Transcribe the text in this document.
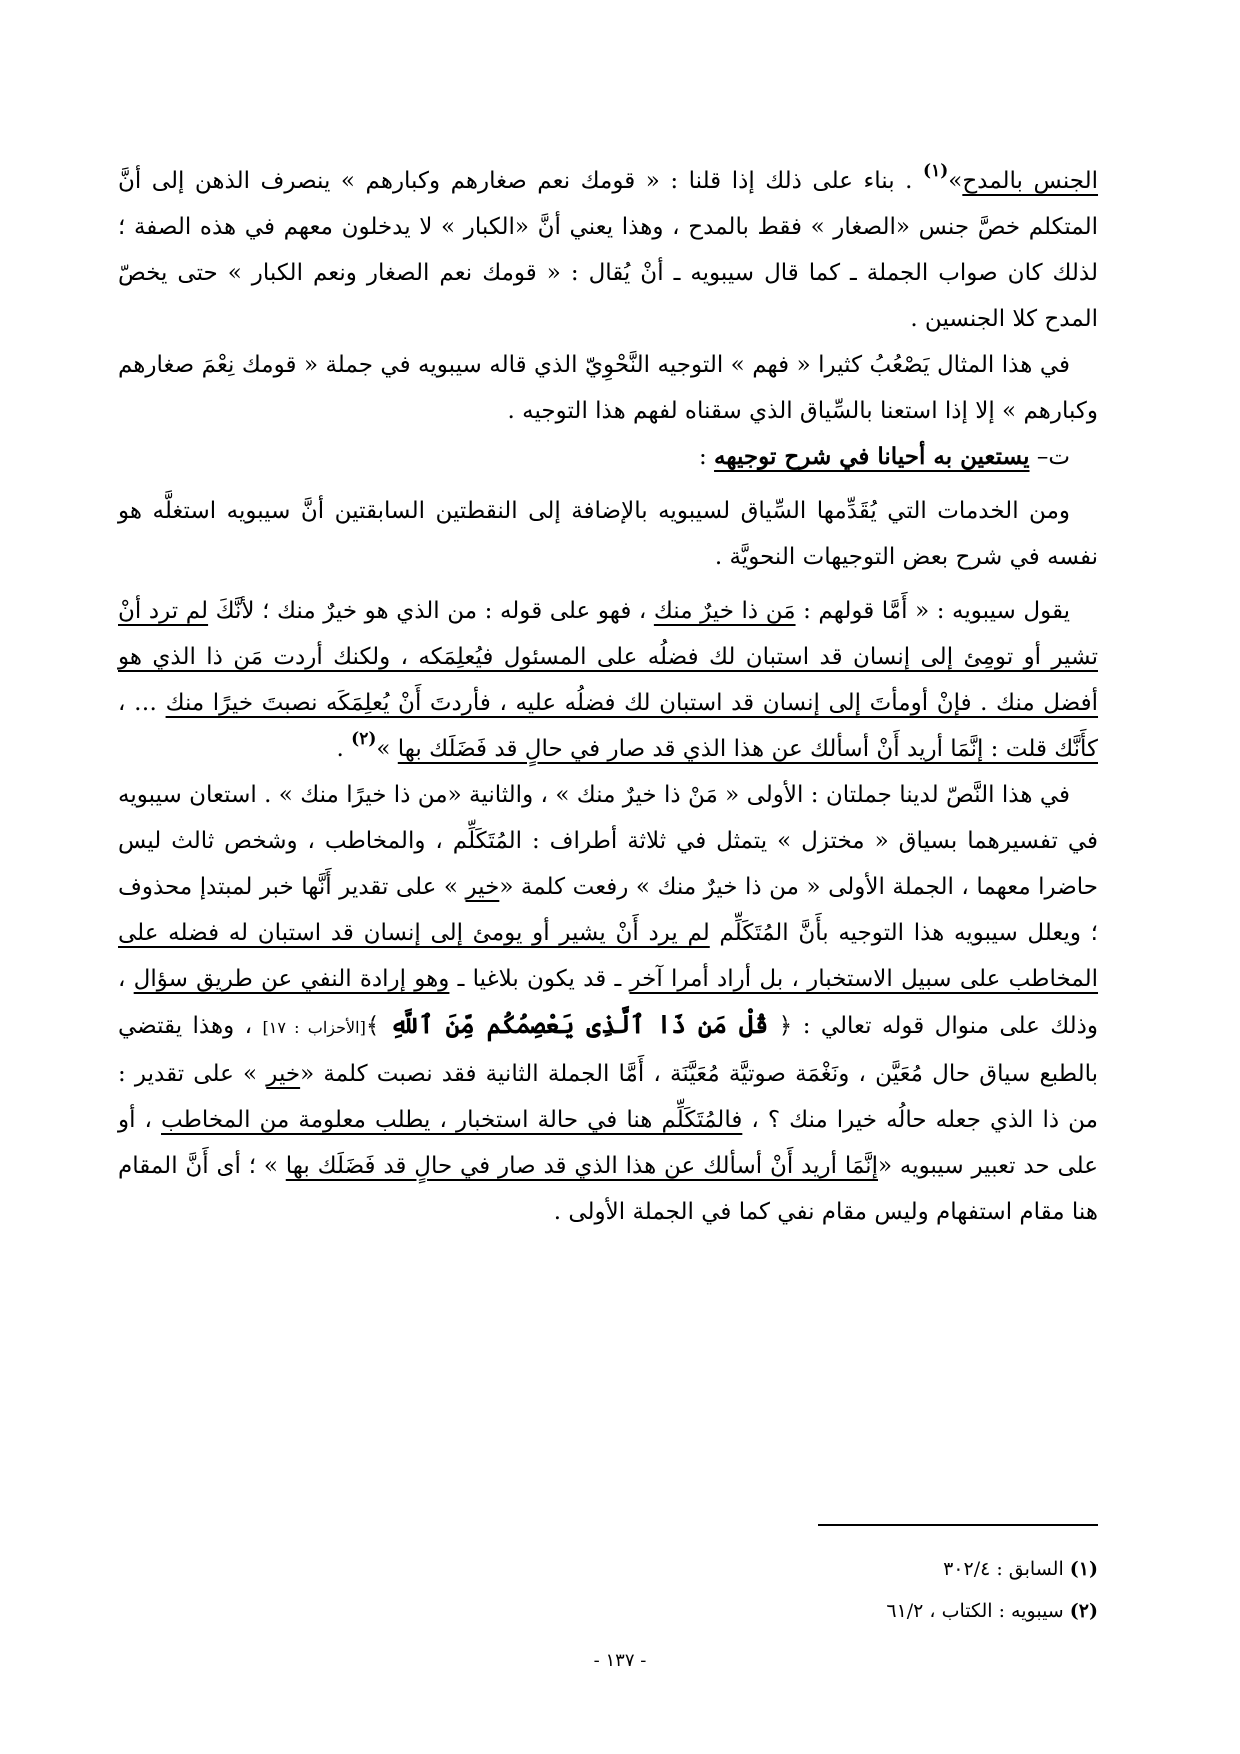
الجنس بالمدح»$^{(١)}$ . بناء على ذلك إذا قلنا : « قومك نعم صغارهم وكبارهم » ينصرف الذهن إلى أنَّ المتكلم خصَّ جنس «الصغار » فقط بالمدح ، وهذا يعني أنَّ «الكبار » لا يدخلون معهم في هذه الصفة ؛ لذلك كان صواب الجملة ـ كما قال سيبويه ـ أنْ يُقال : « قومك نعم الصغار ونعم الكبار » حتى يخصّ المدح كلا الجنسين .

في هذا المثال يَصْعُبُ كثيرا « فهم » التوجيه النَّحْوِيّ الذي قاله سيبويه في جملة « قومك نِعْمَ صغارهم وكبارهم » إلا إذا استعنا بالسِّياق الذي سقناه لفهم هذا التوجيه .

ت– يستعين به أحيانا في شرح توجيهه :

ومن الخدمات التي يُقَدِّمها السِّياق لسيبويه بالإضافة إلى النقطتين السابقتين أنَّ سيبويه استغلَّه هو نفسه في شرح بعض التوجيهات النحويَّة .

يقول سيبويه : « أَمَّا قولهم : مَن ذا خيرٌ منك ، فهو على قوله : من الذي هو خيرٌ منك ؛ لأنَّكَ لم ترد أنْ تشير أو تومِئ إلى إنسان قد استبان لك فضلُه على المسئول فيُعلِمَكه ، ولكنك أردت مَن ذا الذي هو أفضل منك . فإنْ أومأتَ إلى إنسان قد استبان لك فضلُه عليه ، فأردتَ أَنْ يُعلِمَكَه نصبتَ خيرًا منك … ، كأَنَّك قلت : إنَّمَا أريد أَنْ أسألك عن هذا الذي قد صار في حالٍ قد فَضَلَك بها »$^{(٢)}$ .

في هذا النَّصّ لدينا جملتان : الأولى « مَنْ ذا خيرٌ منك » ، والثانية «من ذا خيرًا منك » . استعان سيبويه في تفسيرهما بسياق « مختزل » يتمثل في ثلاثة أطراف : المُتَكَلِّم ، والمخاطب ، وشخص ثالث ليس حاضرا معهما ، الجملة الأولى « من ذا خيرٌ منك » رفعت كلمة «خير » على تقدير أَنَّها خبر لمبتدإ محذوف ؛ ويعلل سيبويه هذا التوجيه بأَنَّ المُتَكَلِّم لم يرد أَنْ يشير أو يومئ إلى إنسان قد استبان له فضله على المخاطب على سبيل الاستخبار ، بل أراد أمرا آخر ـ قد يكون بلاغيا ـ وهو إرادة النفي عن طريق سؤال ، وذلك على منوال قوله تعالي : ﴿ قُلْ مَن ذَا ٱلَّذِى يَعْصِمُكُم مِّنَ ٱللَّهِ ﴾[الأحزاب : ١٧] ، وهذا يقتضي بالطبع سياق حال مُعَيَّن ، ونَغْمَة صوتيَّة مُعَيَّنَة ، أَمَّا الجملة الثانية فقد نصبت كلمة «خير » على تقدير : من ذا الذي جعله حالُه خيرا منك ؟ ، فالمُتَكَلِّم هنا في حالة استخبار ، يطلب معلومة من المخاطب ، أو على حد تعبير سيبويه «إنَّمَا أريد أَنْ أسألك عن هذا الذي قد صار في حالٍ قد فَضَلَك بها » ؛ أى أَنَّ المقام هنا مقام استفهام وليس مقام نفي كما في الجملة الأولى .

(١) السابق : ٣٠٢/٤

(٢) سيبويه : الكتاب ، ٦١/٢

- ١٣٧ -
